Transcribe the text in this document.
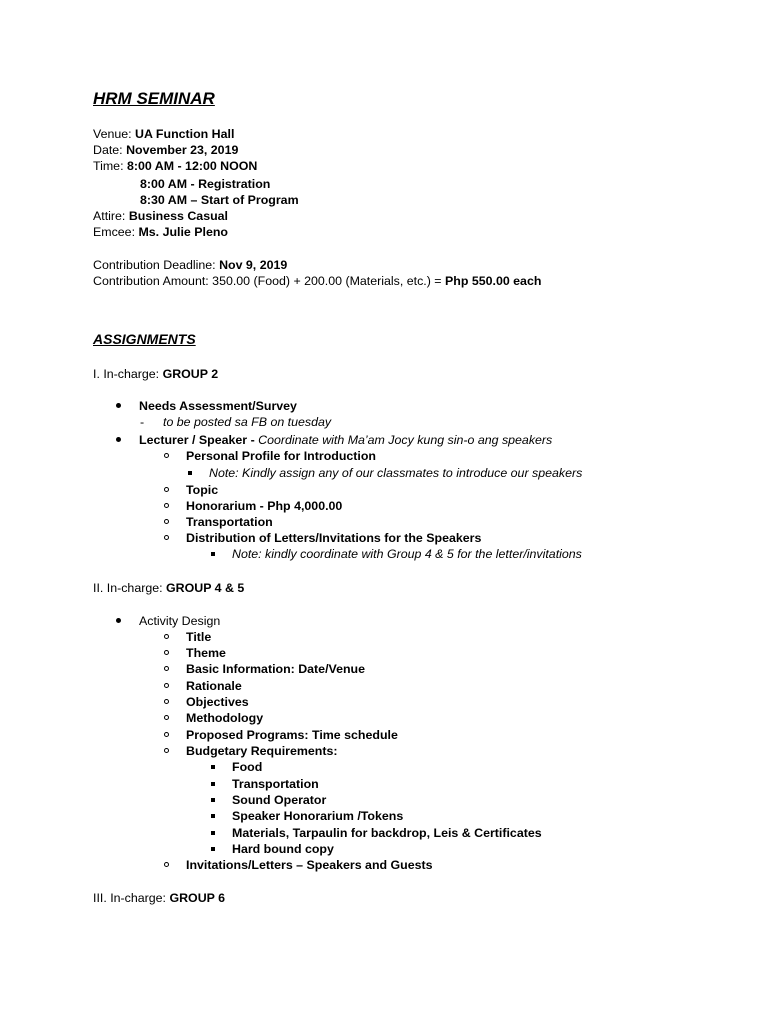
HRM SEMINAR
Venue: UA Function Hall
Date: November 23, 2019
Time: 8:00 AM - 12:00 NOON
8:00 AM - Registration
8:30 AM – Start of Program
Attire: Business Casual
Emcee: Ms. Julie Pleno
Contribution Deadline: Nov 9, 2019
Contribution Amount: 350.00 (Food) + 200.00 (Materials, etc.) = Php 550.00 each
ASSIGNMENTS
I. In-charge: GROUP 2
Needs Assessment/Survey
- to be posted sa FB on tuesday
Lecturer / Speaker - Coordinate with Ma’am Jocy kung sin-o ang speakers
Personal Profile for Introduction
Note: Kindly assign any of our classmates to introduce our speakers
Topic
Honorarium - Php 4,000.00
Transportation
Distribution of Letters/Invitations for the Speakers
Note: kindly coordinate with Group 4 & 5 for the letter/invitations
II. In-charge: GROUP 4 & 5
Activity Design
Title
Theme
Basic Information: Date/Venue
Rationale
Objectives
Methodology
Proposed Programs: Time schedule
Budgetary Requirements:
Food
Transportation
Sound Operator
Speaker Honorarium /Tokens
Materials, Tarpaulin for backdrop, Leis & Certificates
Hard bound copy
Invitations/Letters – Speakers and Guests
III. In-charge: GROUP 6
